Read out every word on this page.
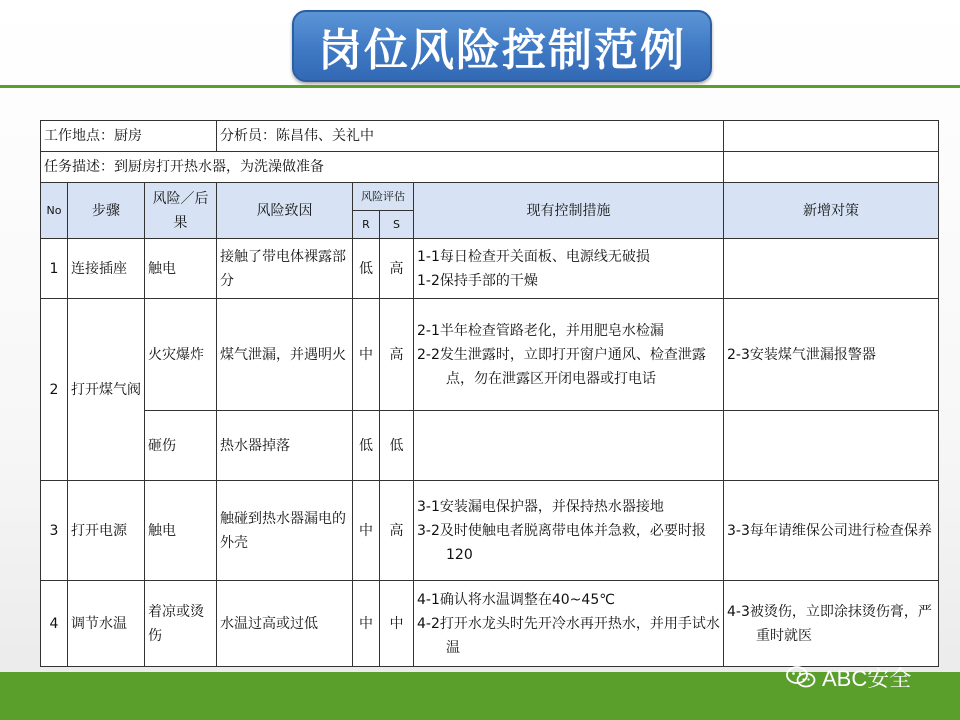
岗位风险控制范例
工作地点：厨房			分析员：陈昌伟、关礼中				
任务描述：到厨房打开热水器，为洗澡做准备							
No	步骤	风险／后果	风险致因	风险评估		现有控制措施	新增对策
				R	S		
1	连接插座	触电	接触了带电体裸露部分	低	高	1-1每日检查开关面板、电源线无破损
1-2保持手部的干燥	

2	打开煤气阀	火灾爆炸	煤气泄漏，并遇明火	中	高	2-1半年检查管路老化，并用肥皂水检漏
2-2发生泄露时，立即打开窗户通风、检查泄露点，勿在泄露区开闭电器或打电话	2-3安装煤气泄漏报警器
		砸伤	热水器掉落	低	低		
3	打开电源	触电	触碰到热水器漏电的外壳	中	高	3-1安装漏电保护器，并保持热水器接地
3-2及时使触电者脱离带电体并急救，必要时报120	3-3每年请维保公司进行检查保养

4	调节水温	着凉或烫伤	水温过高或过低	中	中	4-1确认将水温调整在40~45℃
4-2打开水龙头时先开冷水再开热水，并用手试水温	4-3被烫伤，立即涂抹烫伤膏，严重时就医
ABC安全
